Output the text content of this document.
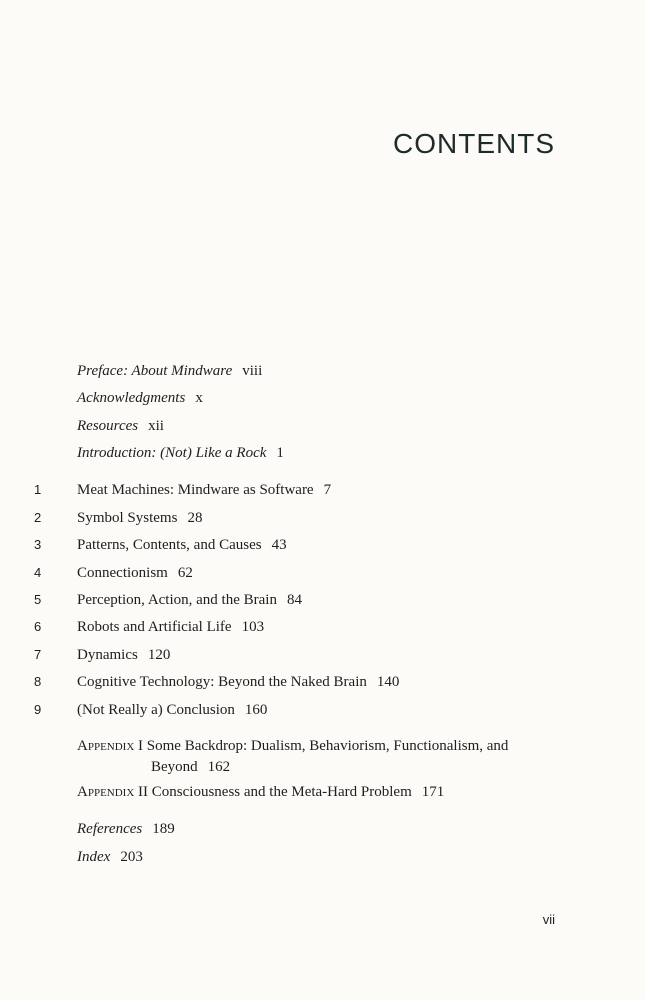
CONTENTS
Preface: About Mindware viii
Acknowledgments x
Resources xii
Introduction: (Not) Like a Rock 1
1	Meat Machines: Mindware as Software 7
2	Symbol Systems 28
3	Patterns, Contents, and Causes 43
4	Connectionism 62
5	Perception, Action, and the Brain 84
6	Robots and Artificial Life 103
7	Dynamics 120
8	Cognitive Technology: Beyond the Naked Brain 140
9	(Not Really a) Conclusion 160
Appendix I Some Backdrop: Dualism, Behaviorism, Functionalism, and
Beyond 162
Appendix II Consciousness and the Meta-Hard Problem 171
References 189
Index 203
vii
